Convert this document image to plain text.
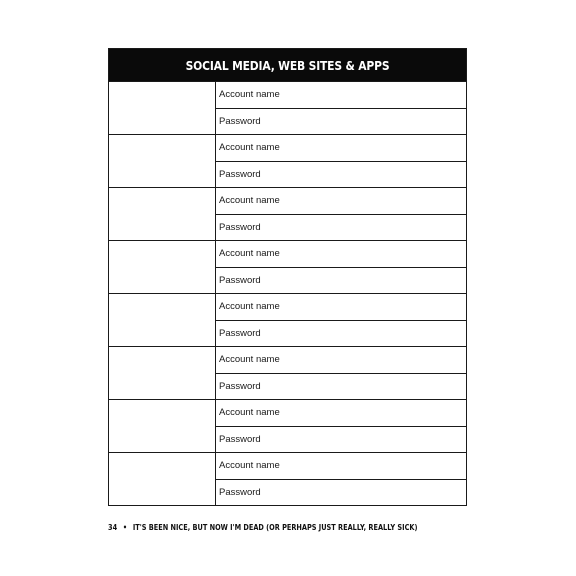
SOCIAL MEDIA, WEB SITES & APPS
Account name
Password
Account name
Password
Account name
Password
Account name
Password
Account name
Password
Account name
Password
Account name
Password
Account name
Password
34 • IT'S BEEN NICE, BUT NOW I'M DEAD (OR PERHAPS JUST REALLY, REALLY SICK)
